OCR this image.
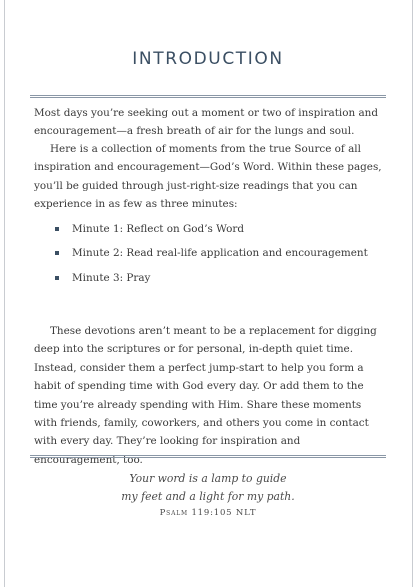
INTRODUCTION

Most days you’re seeking out a moment or two of inspiration and encouragement—a fresh breath of air for the lungs and soul.

Here is a collection of moments from the true Source of all inspiration and encouragement—God’s Word. Within these pages, you’ll be guided through just-right-size readings that you can experience in as few as three minutes:

Minute 1: Reflect on God’s Word
Minute 2: Read real-life application and encouragement
Minute 3: Pray

These devotions aren’t meant to be a replacement for digging deep into the scriptures or for personal, in-depth quiet time. Instead, consider them a perfect jump-start to help you form a habit of spending time with God every day. Or add them to the time you’re already spending with Him. Share these moments with friends, family, coworkers, and others you come in contact with every day. They’re looking for inspiration and encouragement, too.

Your word is a lamp to guide
my feet and a light for my path.

Psalm 119:105 NLT
